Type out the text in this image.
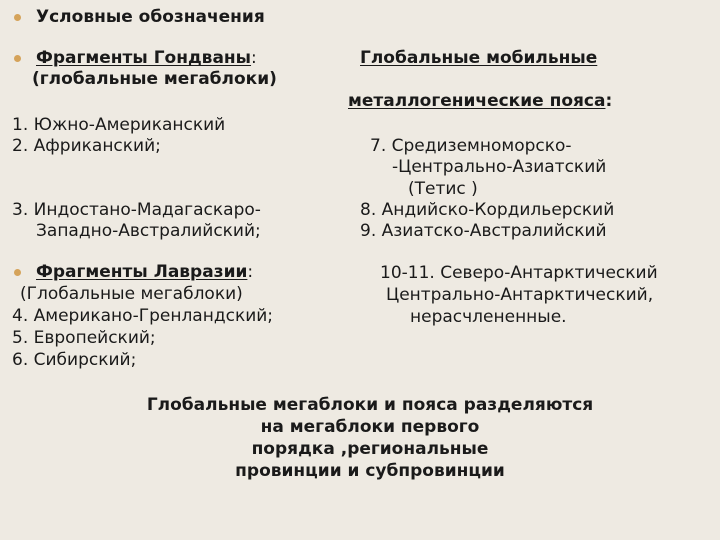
Условные обозначения
Фрагменты Гондваны:
(глобальные мегаблоки)
1. Южно-Американский
2. Африканский;
3. Индостано-Мадагаскаро-
Западно-Австралийский;
Фрагменты Лавразии:
(Глобальные мегаблоки)
4. Американо-Гренландский;
5. Европейский;
6. Сибирский;
Глобальные мобильные
металлогенические пояса:
7. Средиземноморско-
-Центрально-Азиатский
(Тетис )
8. Андийско-Кордильерский
9. Азиатско-Австралийский
10-11. Северо-Антарктический
Центрально-Антарктический,
нерасчлененные.
Глобальные мегаблоки и пояса разделяются
на мегаблоки первого
порядка ,региональные
провинции и субпровинции
